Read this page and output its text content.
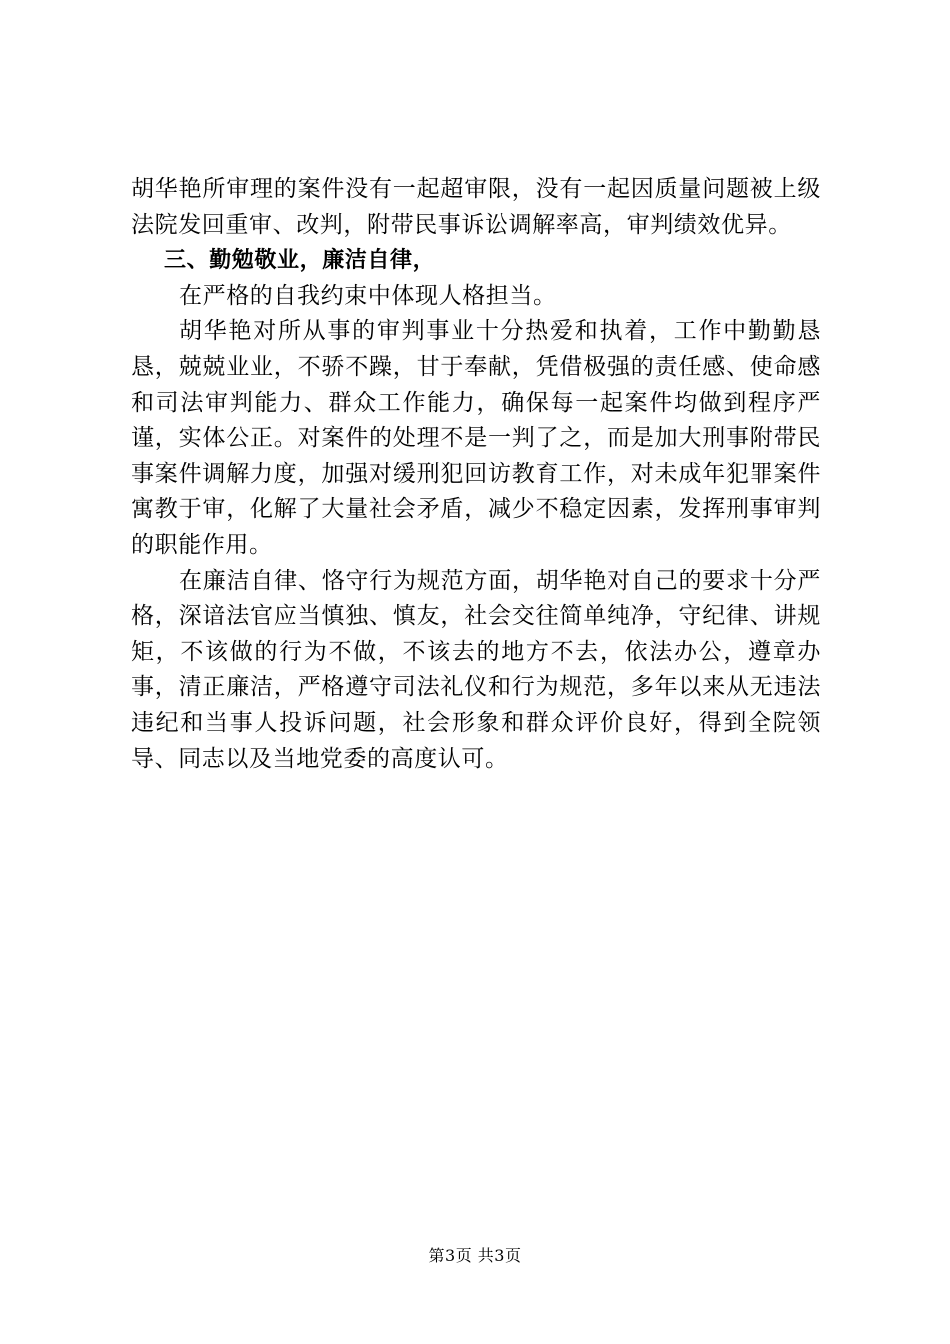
胡华艳所审理的案件没有一起超审限，没有一起因质量问题被上级法院发回重审、改判，附带民事诉讼调解率高，审判绩效优异。

三、勤勉敬业，廉洁自律，

在严格的自我约束中体现人格担当。

胡华艳对所从事的审判事业十分热爱和执着，工作中勤勤恳恳，兢兢业业，不骄不躁，甘于奉献，凭借极强的责任感、使命感和司法审判能力、群众工作能力，确保每一起案件均做到程序严谨，实体公正。对案件的处理不是一判了之，而是加大刑事附带民事案件调解力度，加强对缓刑犯回访教育工作，对未成年犯罪案件寓教于审，化解了大量社会矛盾，减少不稳定因素，发挥刑事审判的职能作用。

在廉洁自律、恪守行为规范方面，胡华艳对自己的要求十分严格，深谙法官应当慎独、慎友，社会交往简单纯净，守纪律、讲规矩，不该做的行为不做，不该去的地方不去，依法办公，遵章办事，清正廉洁，严格遵守司法礼仪和行为规范，多年以来从无违法违纪和当事人投诉问题，社会形象和群众评价良好，得到全院领导、同志以及当地党委的高度认可。

第3页 共3页
